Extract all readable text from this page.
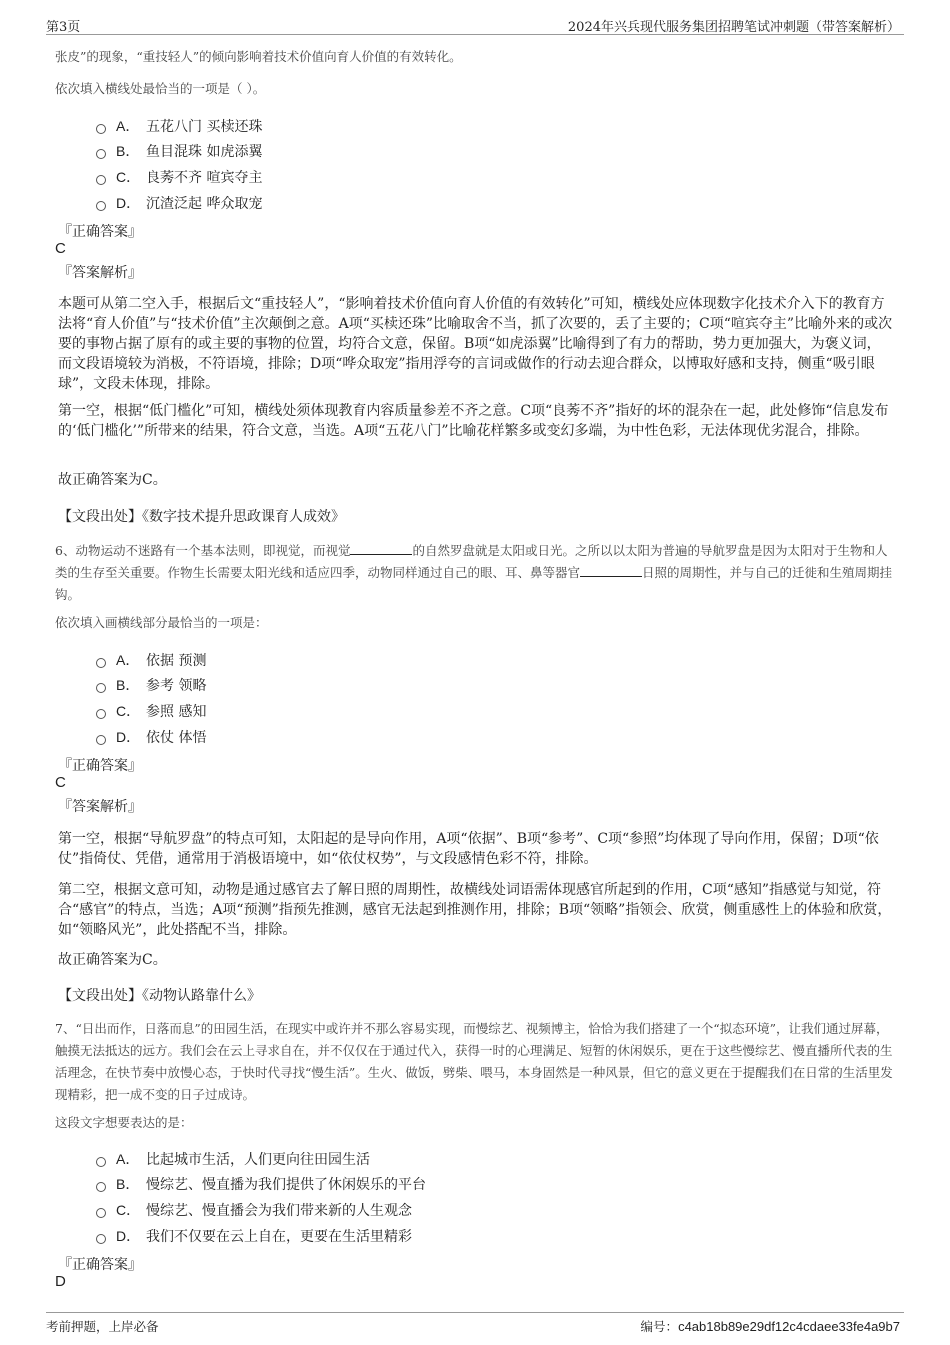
第3页	2024年兴兵现代服务集团招聘笔试冲刺题（带答案解析）
张皮”的现象，“重技轻人”的倾向影响着技术价值向育人价值的有效转化。
依次填入横线处最恰当的一项是（ ）。
A． 五花八门 买椟还珠
B． 鱼目混珠 如虎添翼
C． 良莠不齐 喧宾夺主
D． 沉渣泛起 哗众取宠
『正确答案』
C
『答案解析』
本题可从第二空入手，根据后文“重技轻人”，“影响着技术价值向育人价值的有效转化”可知，横线处应体现数字化技术介入下的教育方法将“育人价值”与“技术价值”主次颠倒之意。A项“买椟还珠”比喻取舍不当，抓了次要的，丢了主要的；C项“喧宾夺主”比喻外来的或次要的事物占据了原有的或主要的事物的位置，均符合文意，保留。B项“如虎添翼”比喻得到了有力的帮助，势力更加强大，为褒义词，而文段语境较为消极，不符语境，排除；D项“哗众取宠”指用浮夸的言词或做作的行动去迎合群众，以博取好感和支持，侧重“吸引眼球”，文段未体现，排除。
第一空，根据“低门槛化”可知，横线处须体现教育内容质量参差不齐之意。C项“良莠不齐”指好的坏的混杂在一起，此处修饰“信息发布的‘低门槛化’”所带来的结果，符合文意，当选。A项“五花八门”比喻花样繁多或变幻多端，为中性色彩，无法体现优劣混合，排除。
故正确答案为C。
【文段出处】《数字技术提升思政课育人成效》
6、动物运动不迷路有一个基本法则，即视觉，而视觉	的自然罗盘就是太阳或日光。之所以以太阳为普遍的导航罗盘是因为太阳对于生物和人类的生存至关重要。作物生长需要太阳光线和适应四季，动物同样通过自己的眼、耳、鼻等器官	日照的周期性，并与自己的迁徙和生殖周期挂钩。
依次填入画横线部分最恰当的一项是：
A． 依据 预测
B． 参考 领略
C． 参照 感知
D． 依仗 体悟
『正确答案』
C
『答案解析』
第一空，根据“导航罗盘”的特点可知，太阳起的是导向作用，A项“依据”、B项“参考”、C项“参照”均体现了导向作用，保留；D项“依仗”指倚仗、凭借，通常用于消极语境中，如“依仗权势”，与文段感情色彩不符，排除。
第二空，根据文意可知，动物是通过感官去了解日照的周期性，故横线处词语需体现感官所起到的作用，C项“感知”指感觉与知觉，符合“感官”的特点，当选；A项“预测”指预先推测，感官无法起到推测作用，排除；B项“领略”指领会、欣赏，侧重感性上的体验和欣赏，如“领略风光”，此处搭配不当，排除。
故正确答案为C。
【文段出处】《动物认路靠什么》
7、“日出而作，日落而息”的田园生活，在现实中或许并不那么容易实现，而慢综艺、视频博主，恰恰为我们搭建了一个“拟态环境”，让我们通过屏幕，触摸无法抵达的远方。我们会在云上寻求自在，并不仅仅在于通过代入，获得一时的心理满足、短暂的休闲娱乐，更在于这些慢综艺、慢直播所代表的生活理念，在快节奏中放慢心态，于快时代寻找“慢生活”。生火、做饭，劈柴、喂马，本身固然是一种风景，但它的意义更在于提醒我们在日常的生活里发现精彩，把一成不变的日子过成诗。
这段文字想要表达的是：
A． 比起城市生活，人们更向往田园生活
B． 慢综艺、慢直播为我们提供了休闲娱乐的平台
C． 慢综艺、慢直播会为我们带来新的人生观念
D． 我们不仅要在云上自在，更要在生活里精彩
『正确答案』
D
考前押题，上岸必备	编号：c4ab18b89e29df12c4cdaee33fe4a9b7
